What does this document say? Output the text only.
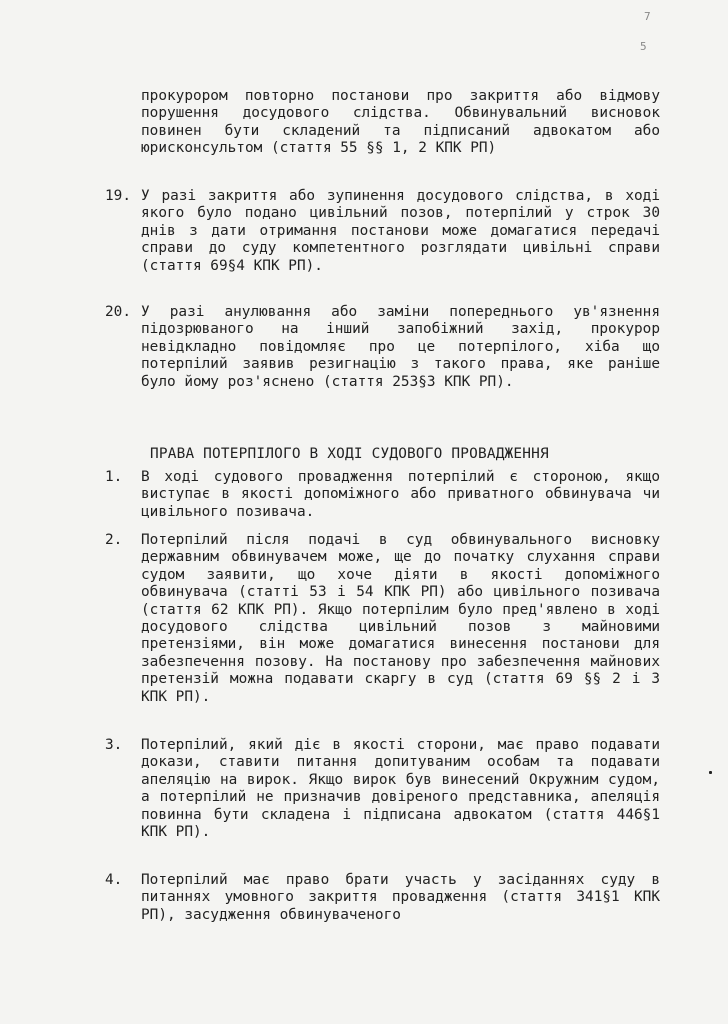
7
5
прокурором повторно постанови про закриття або відмову порушення досудового слідства. Обвинувальний висновок повинен бути складений та підписаний адвокатом або юрисконсультом (стаття 55 §§ 1, 2 КПК РП)
19. У разі закриття або зупинення досудового слідства, в ході якого було подано цивільний позов, потерпілий у строк 30 днів з дати отримання постанови може домагатися передачі справи до суду компетентного розглядати цивільні справи (стаття 69§4 КПК РП).
20. У разі анулювання або заміни попереднього ув'язнення підозрюваного на інший запобіжний захід, прокурор невідкладно повідомляє про це потерпілого, хіба що потерпілий заявив резигнацію з такого права, яке раніше було йому роз'яснено (стаття 253§3 КПК РП).
ПРАВА ПОТЕРПІЛОГО В ХОДІ СУДОВОГО ПРОВАДЖЕННЯ
1. В ході судового провадження потерпілий є стороною, якщо виступає в якості допоміжного або приватного обвинувача чи цивільного позивача.
2. Потерпілий після подачі в суд обвинувального висновку державним обвинувачем може, ще до початку слухання справи судом заявити, що хоче діяти в якості допоміжного обвинувача (статті 53 і 54 КПК РП) або цивільного позивача (стаття 62 КПК РП). Якщо потерпілим було пред'явлено в ході досудового слідства цивільний позов з майновими претензіями, він може домагатися винесення постанови для забезпечення позову. На постанову про забезпечення майнових претензій можна подавати скаргу в суд (стаття 69 §§ 2 і 3 КПК РП).
3. Потерпілий, який діє в якості сторони, має право подавати докази, ставити питання допитуваним особам та подавати апеляцію на вирок. Якщо вирок був винесений Окружним судом, а потерпілий не призначив довіреного представника, апеляція повинна бути складена і підписана адвокатом (стаття 446§1 КПК РП).
4. Потерпілий має право брати участь у засіданнях суду в питаннях умовного закриття провадження (стаття 341§1 КПК РП), засудження обвинуваченого
